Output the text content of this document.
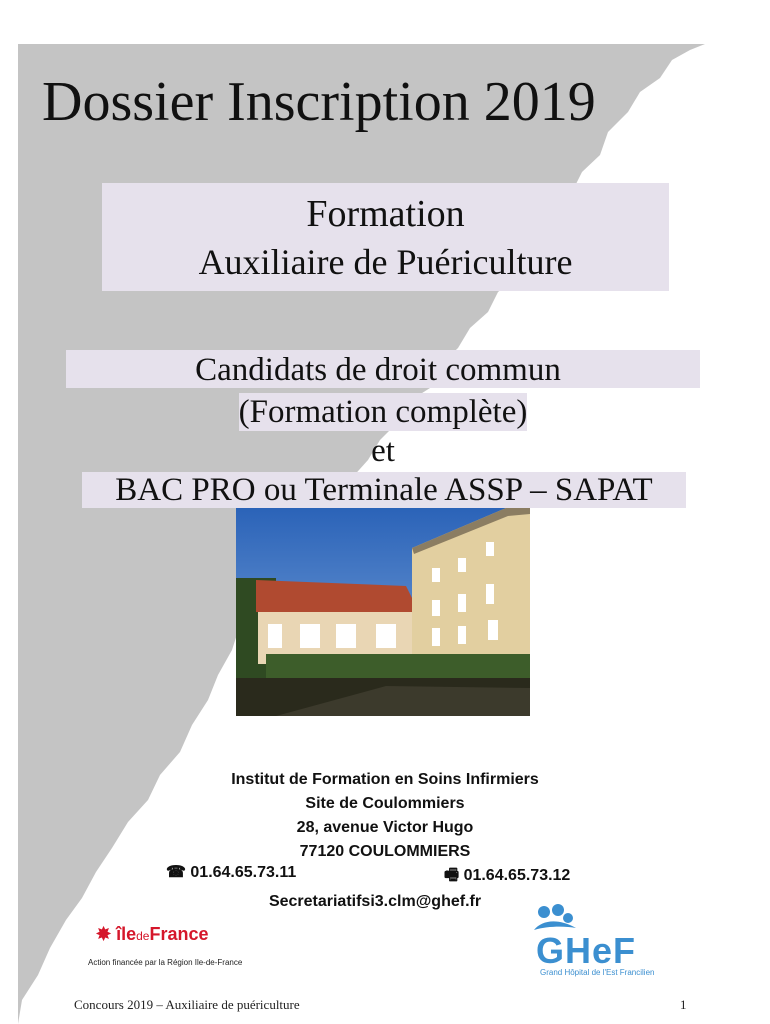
Dossier Inscription 2019
Formation
Auxiliaire de Puériculture
Candidats de droit commun
(Formation complète)
et
BAC PRO ou Terminale ASSP – SAPAT
Institut de Formation en Soins Infirmiers
Site de Coulommiers
28, avenue Victor Hugo
77120 COULOMMIERS
☎ 01.64.65.73.11	🖷 01.64.65.73.12
Secretariatifsi3.clm@ghef.fr
✸ îledeFrance
Action financée par la Région Ile-de-France	GHeF
Grand Hôpital de l'Est Francilien
Concours 2019 – Auxiliaire de puériculture	1
